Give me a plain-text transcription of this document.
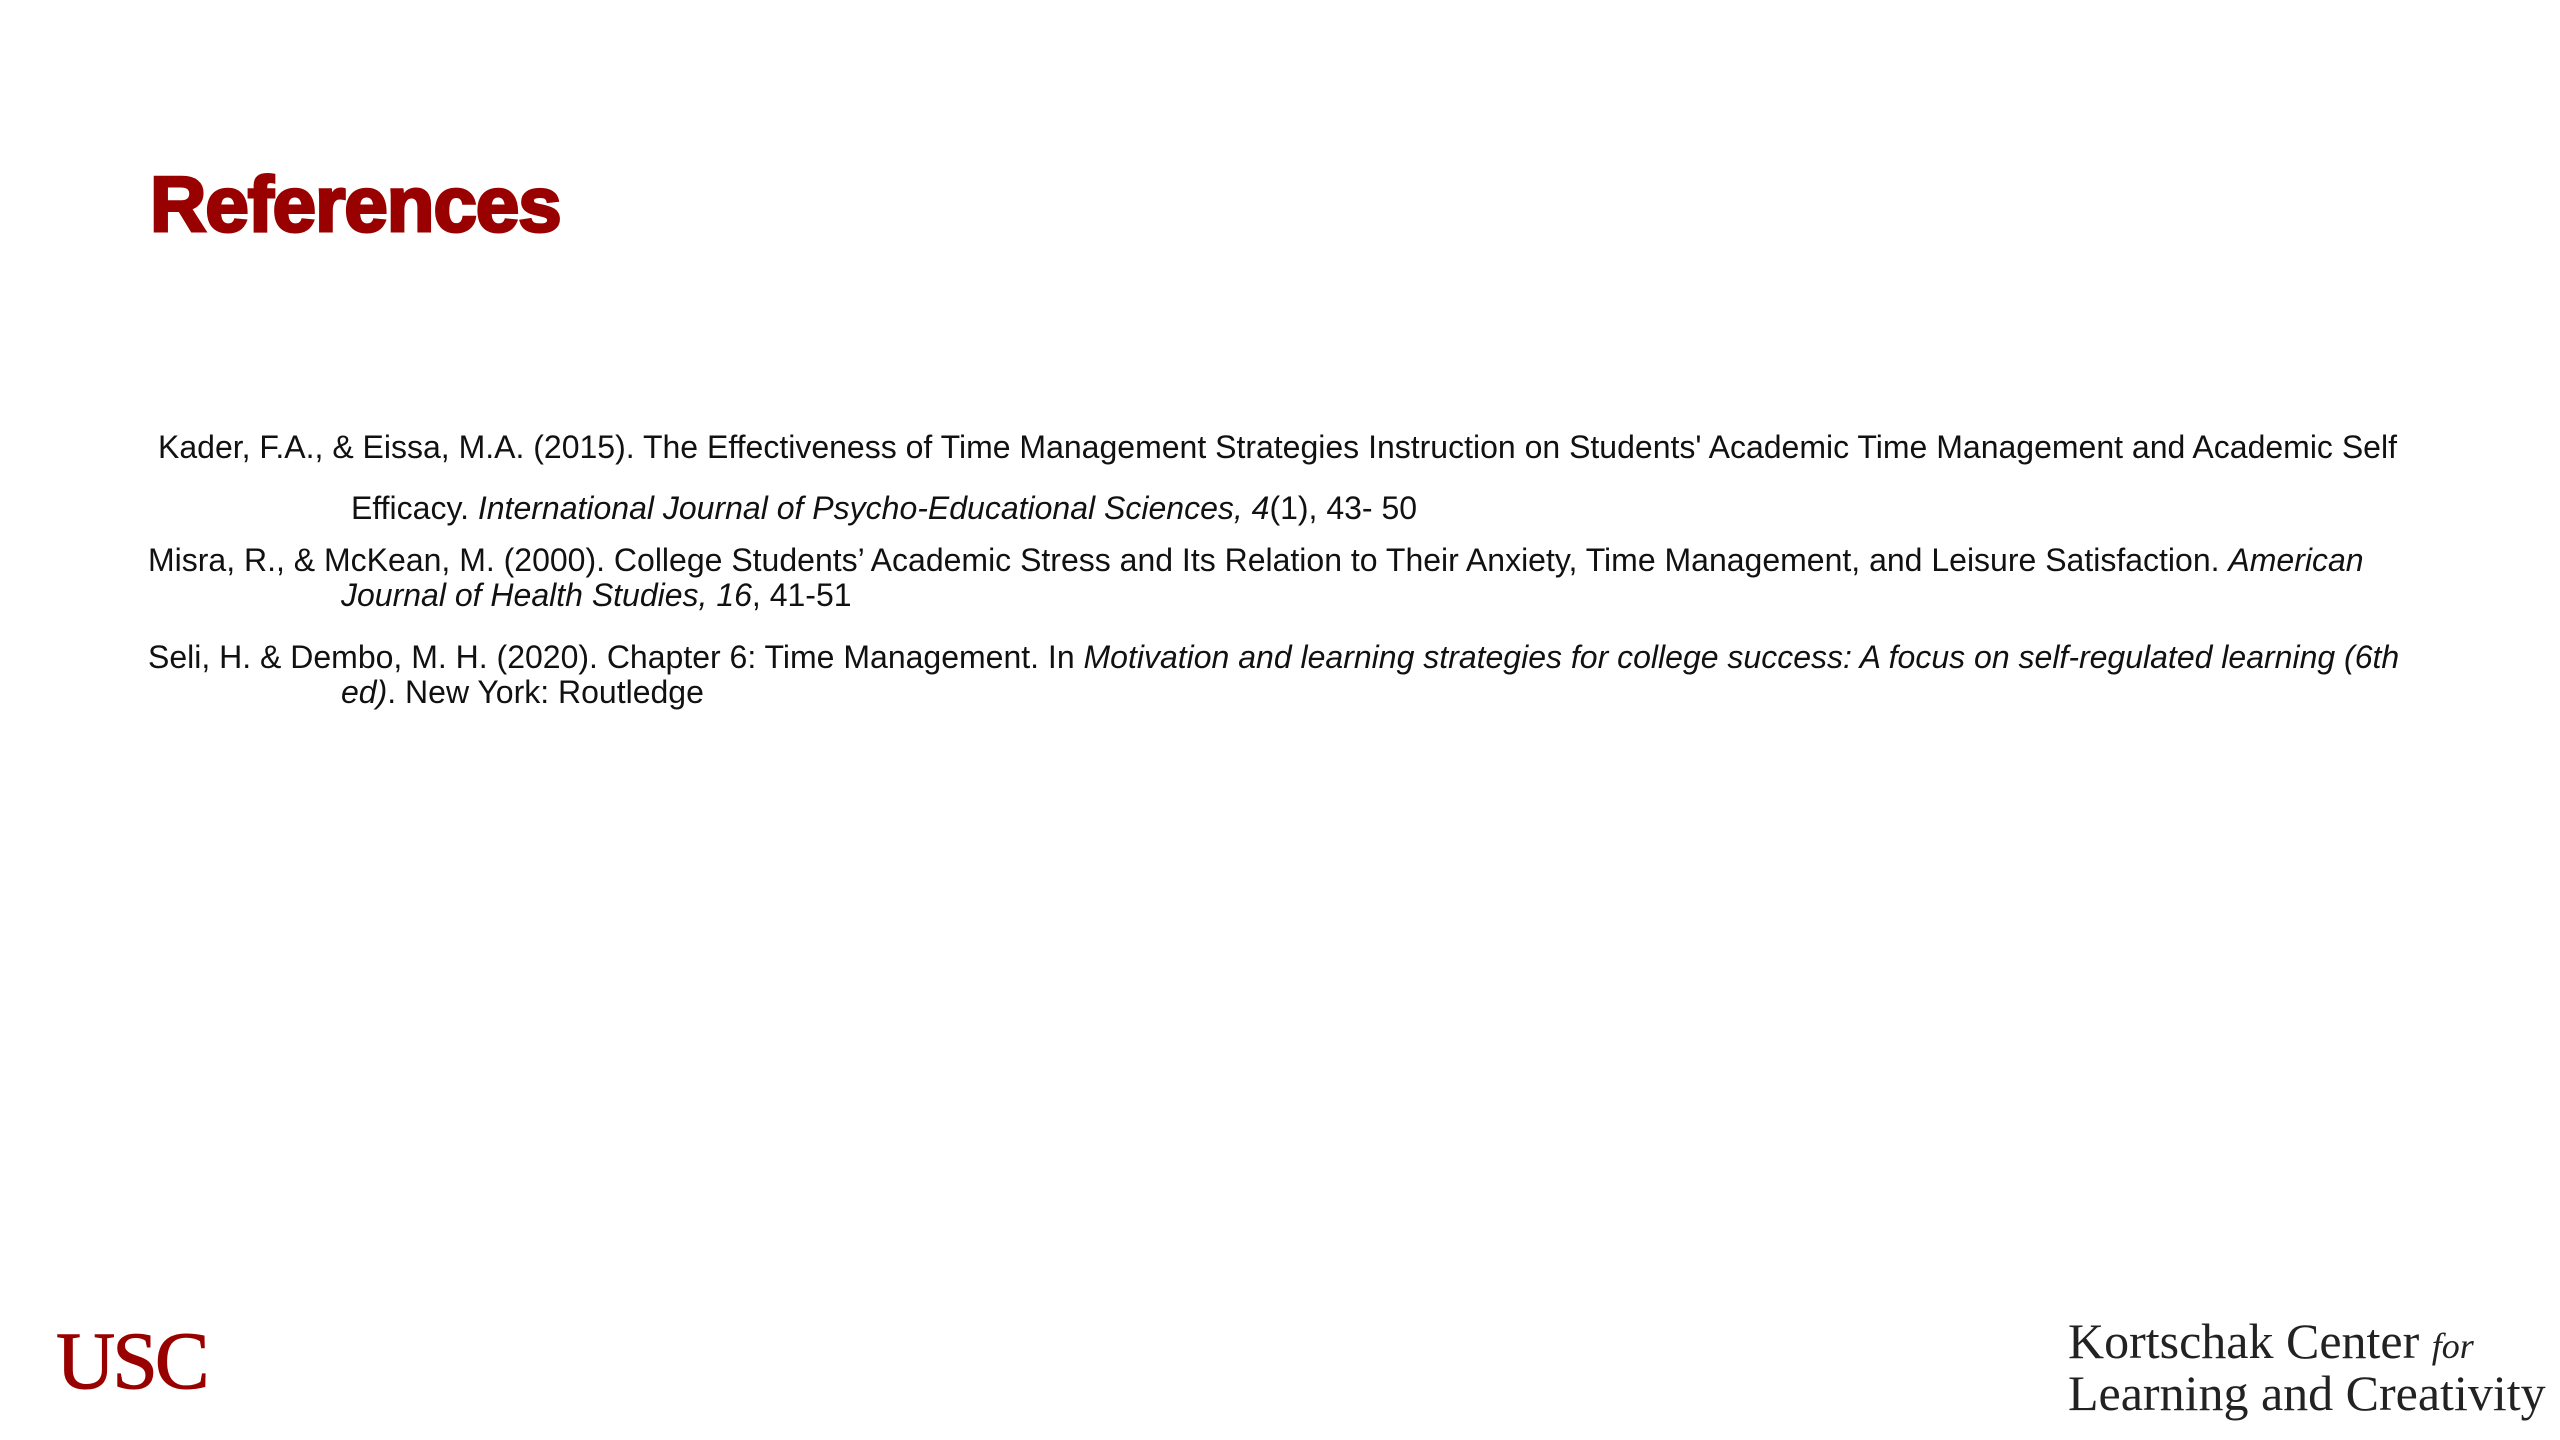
References

Kader, F.A., & Eissa, M.A. (2015). The Effectiveness of Time Management Strategies Instruction on Students' Academic Time Management and Academic Self Efficacy. International Journal of Psycho-Educational Sciences, 4(1), 43- 50

Misra, R., & McKean, M. (2000). College Students’ Academic Stress and Its Relation to Their Anxiety, Time Management, and Leisure Satisfaction. American Journal of Health Studies, 16, 41-51

Seli, H. & Dembo, M. H. (2020). Chapter 6: Time Management. In Motivation and learning strategies for college success: A focus on self-regulated learning (6th ed). New York: Routledge

USC	Kortschak Center for
Learning and Creativity
